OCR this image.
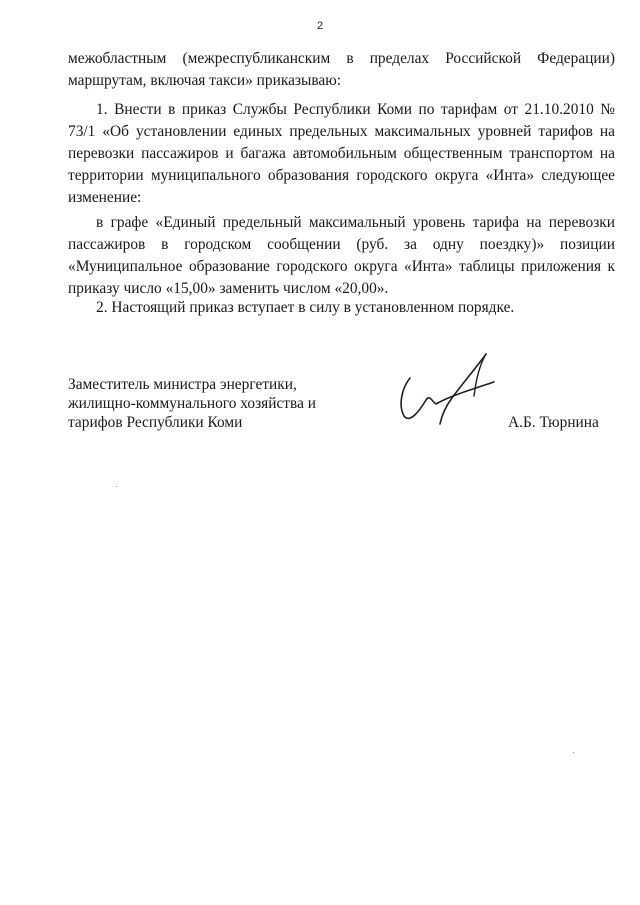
2
межобластным (межреспубликанским в пределах Российской Федерации) маршрутам, включая такси» приказываю:
1. Внести в приказ Службы Республики Коми по тарифам от 21.10.2010 № 73/1 «Об установлении единых предельных максимальных уровней тарифов на перевозки пассажиров и багажа автомобильным общественным транспортом на территории муниципального образования городского округа «Инта» следующее изменение:
в графе «Единый предельный максимальный уровень тарифа на перевозки пассажиров в городском сообщении (руб. за одну поездку)» позиции «Муниципальное образование городского округа «Инта» таблицы приложения к приказу число «15,00» заменить числом «20,00».
2. Настоящий приказ вступает в силу в установленном порядке.
Заместитель министра энергетики,
жилищно-коммунального хозяйства и
тарифов Республики Коми	А.Б. Тюрнина
